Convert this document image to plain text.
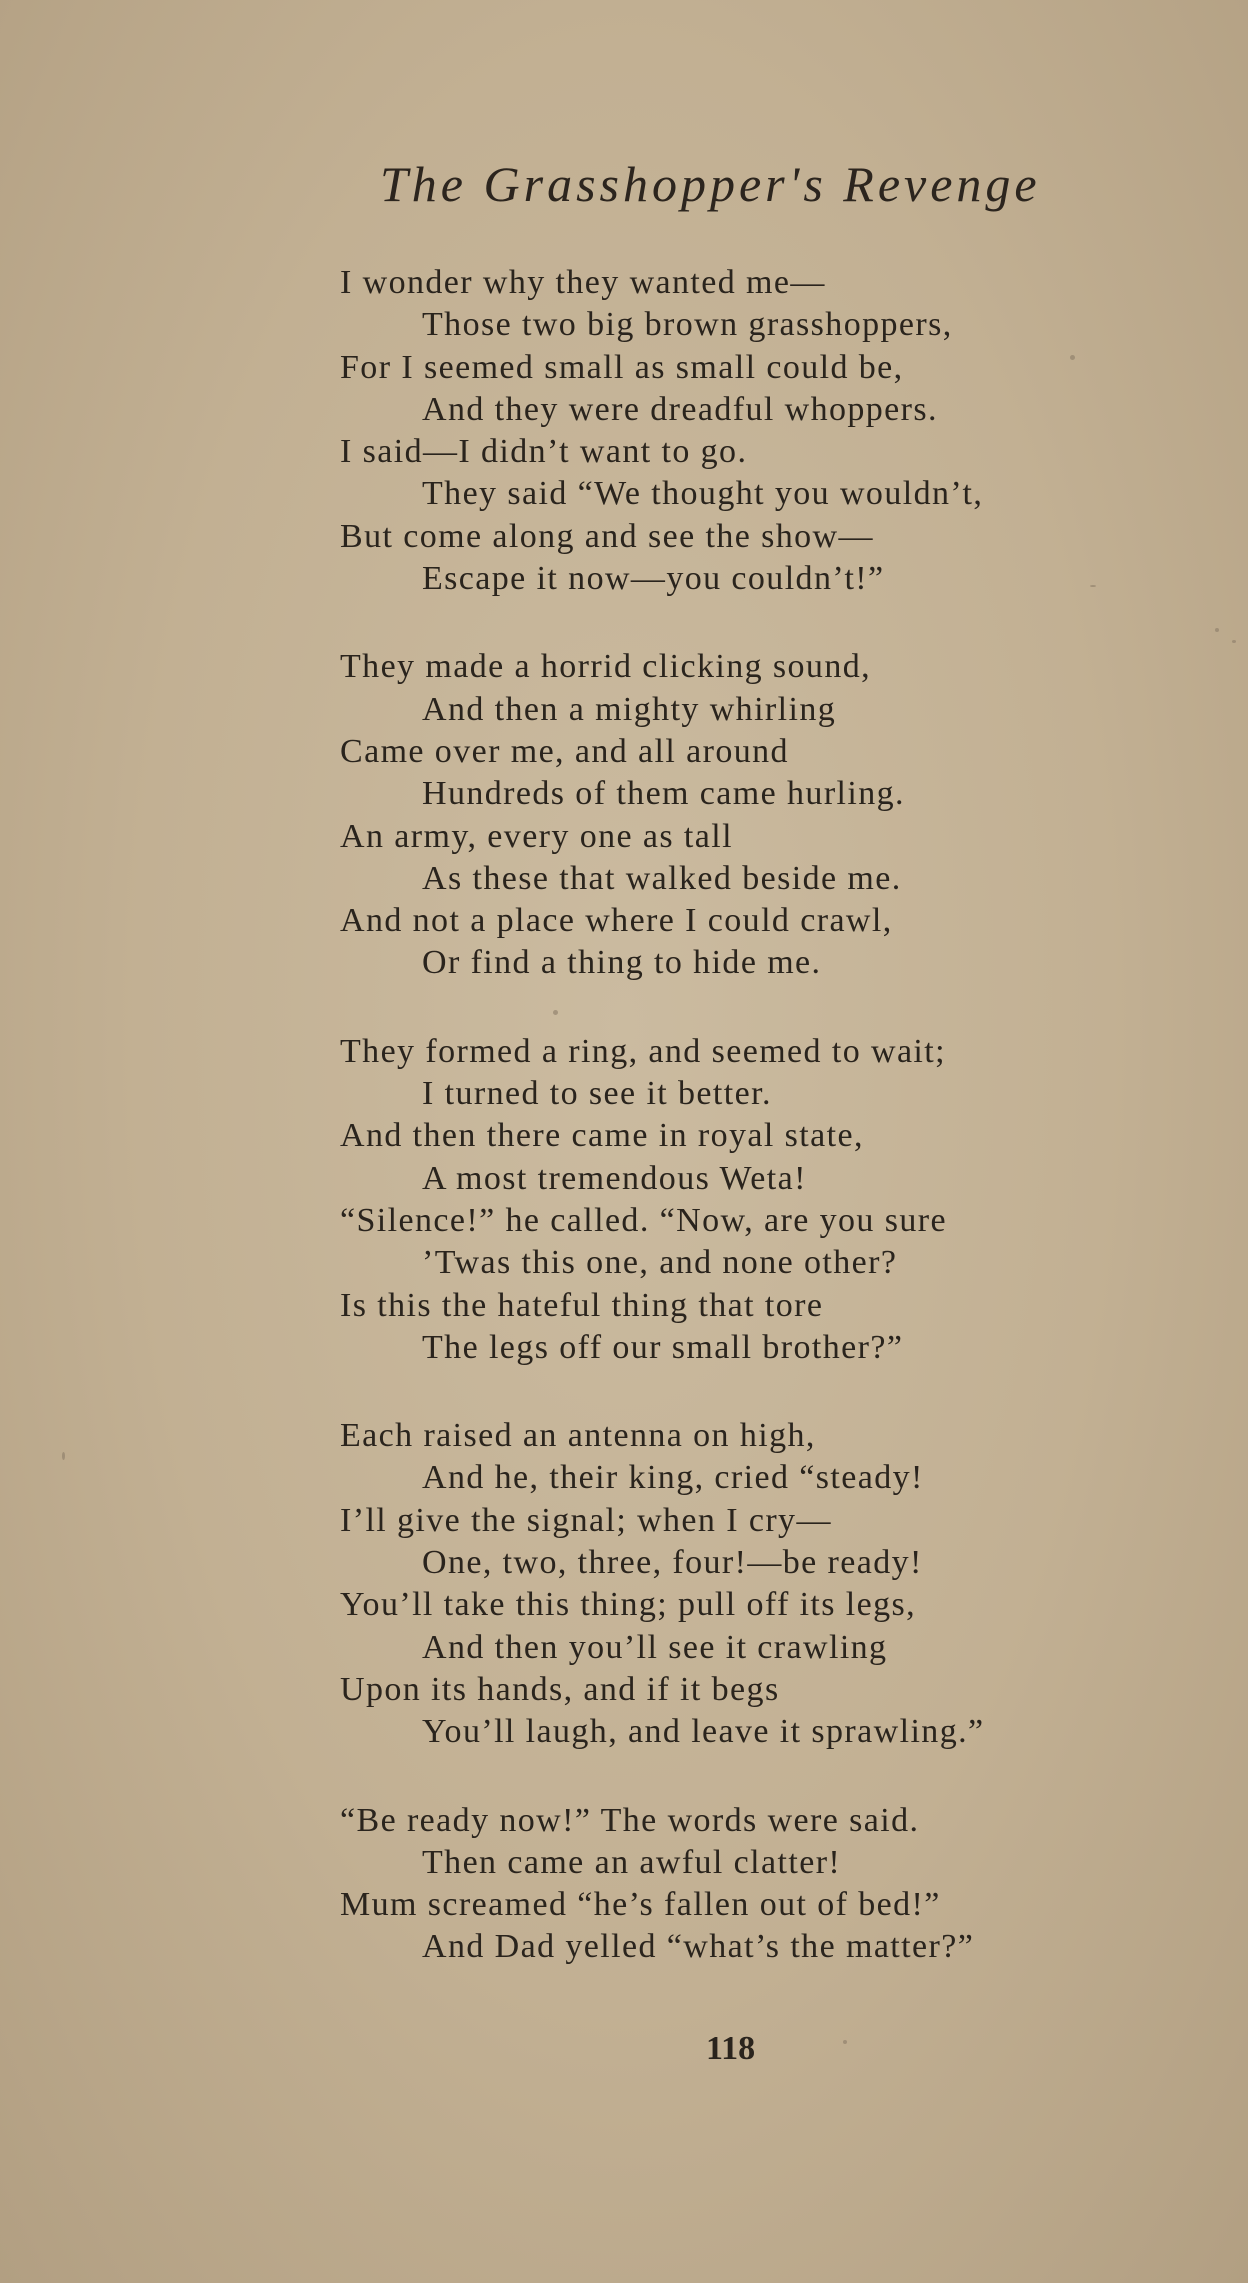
The Grasshopper's Revenge
I wonder why they wanted me—
Those two big brown grasshoppers,
For I seemed small as small could be,
And they were dreadful whoppers.
I said—I didn’t want to go.
They said “We thought you wouldn’t,
But come along and see the show—
Escape it now—you couldn’t!”
They made a horrid clicking sound,
And then a mighty whirling
Came over me, and all around
Hundreds of them came hurling.
An army, every one as tall
As these that walked beside me.
And not a place where I could crawl,
Or find a thing to hide me.
They formed a ring, and seemed to wait;
I turned to see it better.
And then there came in royal state,
A most tremendous Weta!
“Silence!” he called. “Now, are you sure
’Twas this one, and none other?
Is this the hateful thing that tore
The legs off our small brother?”
Each raised an antenna on high,
And he, their king, cried “steady!
I’ll give the signal; when I cry—
One, two, three, four!—be ready!
You’ll take this thing; pull off its legs,
And then you’ll see it crawling
Upon its hands, and if it begs
You’ll laugh, and leave it sprawling.”
“Be ready now!” The words were said.
Then came an awful clatter!
Mum screamed “he’s fallen out of bed!”
And Dad yelled “what’s the matter?”
118
